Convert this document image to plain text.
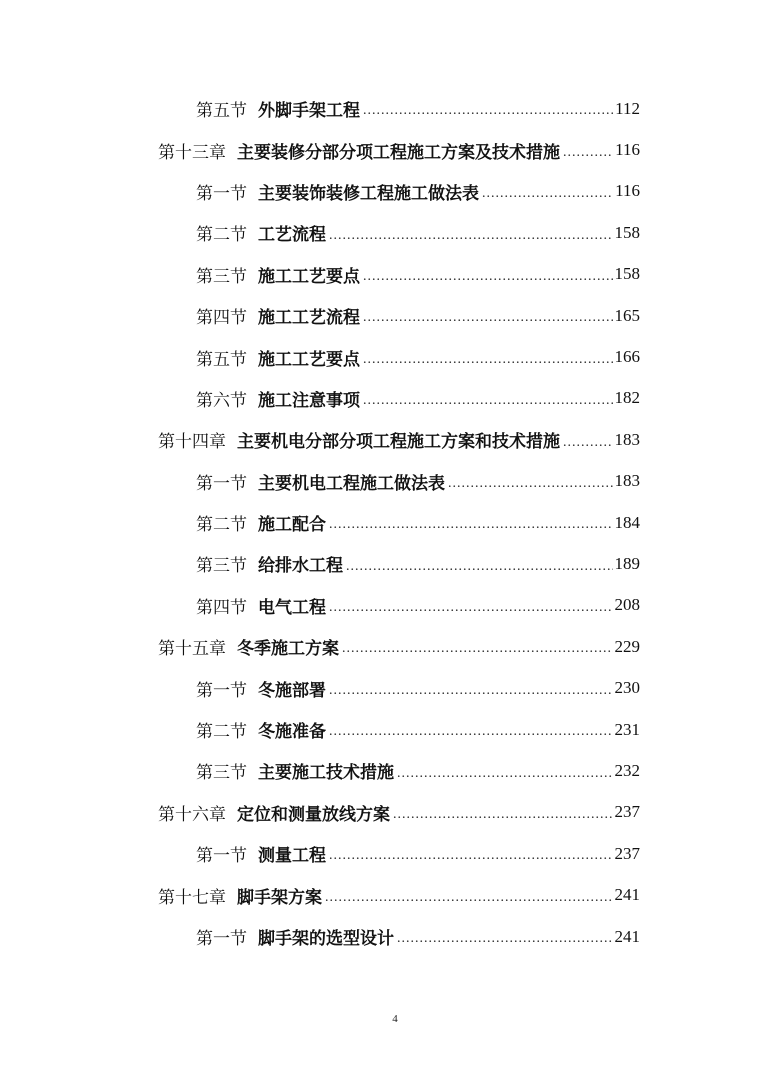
第五节 外脚手架工程 .....	112
第十三章 主要装修分部分项工程施工方案及技术措施 .....	116
第一节 主要装饰装修工程施工做法表 .....	116
第二节 工艺流程 .....	158
第三节 施工工艺要点 .....	158
第四节 施工工艺流程 .....	165
第五节 施工工艺要点 .....	166
第六节 施工注意事项 .....	182
第十四章 主要机电分部分项工程施工方案和技术措施 .....	183
第一节 主要机电工程施工做法表 .....	183
第二节 施工配合 .....	184
第三节 给排水工程 .....	189
第四节 电气工程 .....	208
第十五章 冬季施工方案 .....	229
第一节 冬施部署 .....	230
第二节 冬施准备 .....	231
第三节 主要施工技术措施 .....	232
第十六章 定位和测量放线方案 .....	237
第一节 测量工程 .....	237
第十七章 脚手架方案 .....	241
第一节 脚手架的选型设计 .....	241
4
